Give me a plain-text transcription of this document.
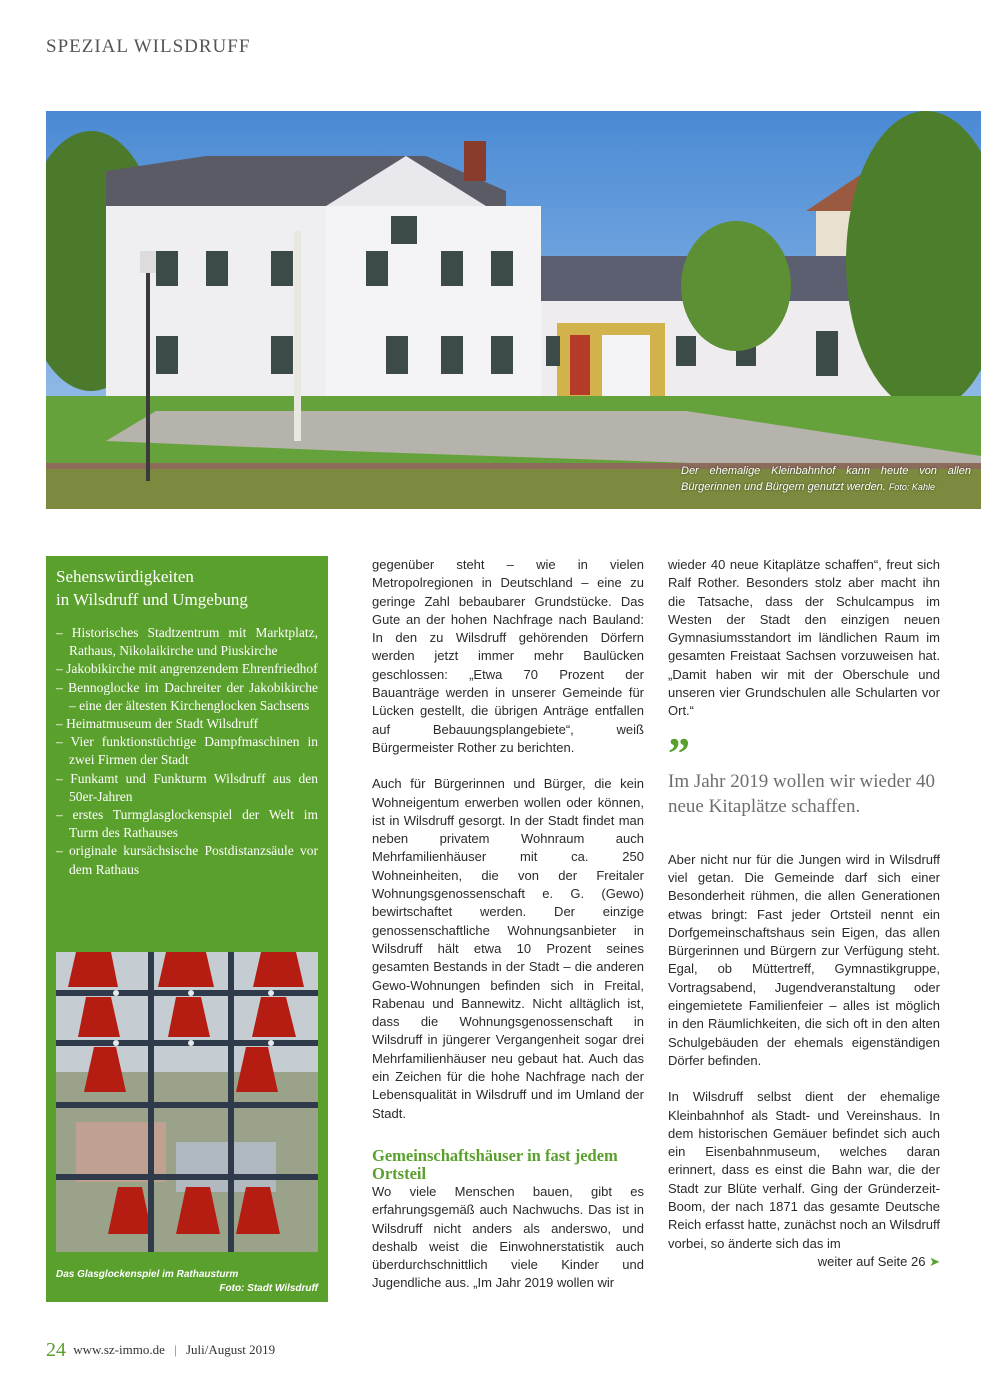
SPEZIAL WILSDRUFF
Der ehemalige Kleinbahnhof kann heute von allen Bürgerinnen und Bürgern genutzt werden. Foto: Kahle
Sehenswürdigkeiten
in Wilsdruff und Umgebung
– Historisches Stadtzentrum mit Marktplatz, Rathaus, Nikolaikirche und Piuskirche
– Jakobikirche mit angrenzendem Ehrenfriedhof
– Bennoglocke im Dachreiter der Jakobikirche – eine der ältesten Kirchenglocken Sachsens
– Heimatmuseum der Stadt Wilsdruff
– Vier funktionstüchtige Dampfmaschinen in zwei Firmen der Stadt
– Funkamt und Funkturm Wilsdruff aus den 50er-Jahren
– erstes Turmglasglockenspiel der Welt im Turm des Rathauses
– originale kursächsische Postdistanzsäule vor dem Rathaus
Das Glasglockenspiel im Rathausturm
Foto: Stadt Wilsdruff

gegenüber steht – wie in vielen Metropolregionen in Deutschland – eine zu geringe Zahl bebaubarer Grundstücke. Das Gute an der hohen Nachfrage nach Bauland: In den zu Wilsdruff gehörenden Dörfern werden jetzt immer mehr Baulücken geschlossen: „Etwa 70 Prozent der Bauanträge werden in unserer Gemeinde für Lücken gestellt, die übrigen Anträge entfallen auf Bebauungsplangebiete“, weiß Bürgermeister Rother zu berichten.

Auch für Bürgerinnen und Bürger, die kein Wohneigentum erwerben wollen oder können, ist in Wilsdruff gesorgt. In der Stadt findet man neben privatem Wohnraum auch Mehrfamilienhäuser mit ca. 250 Wohneinheiten, die von der Freitaler Wohnungsgenossenschaft e. G. (Gewo) bewirtschaftet werden. Der einzige genossenschaftliche Wohnungsanbieter in Wilsdruff hält etwa 10 Prozent seines gesamten Bestands in der Stadt – die anderen Gewo-Wohnungen befinden sich in Freital, Rabenau und Bannewitz. Nicht alltäglich ist, dass die Wohnungsgenossenschaft in Wilsdruff in jüngerer Vergangenheit sogar drei Mehrfamilienhäuser neu gebaut hat. Auch das ein Zeichen für die hohe Nachfrage nach der Lebensqualität in Wilsdruff und im Umland der Stadt.

Gemeinschaftshäuser in fast jedem Ortsteil

Wo viele Menschen bauen, gibt es erfahrungsgemäß auch Nachwuchs. Das ist in Wilsdruff nicht anders als anderswo, und deshalb weist die Einwohnerstatistik auch überdurchschnittlich viele Kinder und Jugendliche aus. „Im Jahr 2019 wollen wir

wieder 40 neue Kitaplätze schaffen“, freut sich Ralf Rother. Besonders stolz aber macht ihn die Tatsache, dass der Schulcampus im Westen der Stadt den einzigen neuen Gymnasiumsstandort im ländlichen Raum im gesamten Freistaat Sachsen vorzuweisen hat. „Damit haben wir mit der Oberschule und unseren vier Grundschulen alle Schularten vor Ort.“

”
Im Jahr 2019 wollen wir wieder 40 neue Kitaplätze schaffen.

Aber nicht nur für die Jungen wird in Wilsdruff viel getan. Die Gemeinde darf sich einer Besonderheit rühmen, die allen Generationen etwas bringt: Fast jeder Ortsteil nennt ein Dorfgemeinschaftshaus sein Eigen, das allen Bürgerinnen und Bürgern zur Verfügung steht. Egal, ob Müttertreff, Gymnastikgruppe, Vortragsabend, Jugendveranstaltung oder eingemietete Familienfeier – alles ist möglich in den Räumlichkeiten, die sich oft in den alten Schulgebäuden der ehemals eigenständigen Dörfer befinden.

In Wilsdruff selbst dient der ehemalige Kleinbahnhof als Stadt- und Vereinshaus. In dem historischen Gemäuer befindet sich auch ein Eisenbahnmuseum, welches daran erinnert, dass es einst die Bahn war, die der Stadt zur Blüte verhalf. Ging der Gründerzeit-Boom, der nach 1871 das gesamte Deutsche Reich erfasst hatte, zunächst noch an Wilsdruff vorbei, so änderte sich das im

weiter auf Seite 26 ➤

24 www.sz-immo.de | Juli/August 2019
